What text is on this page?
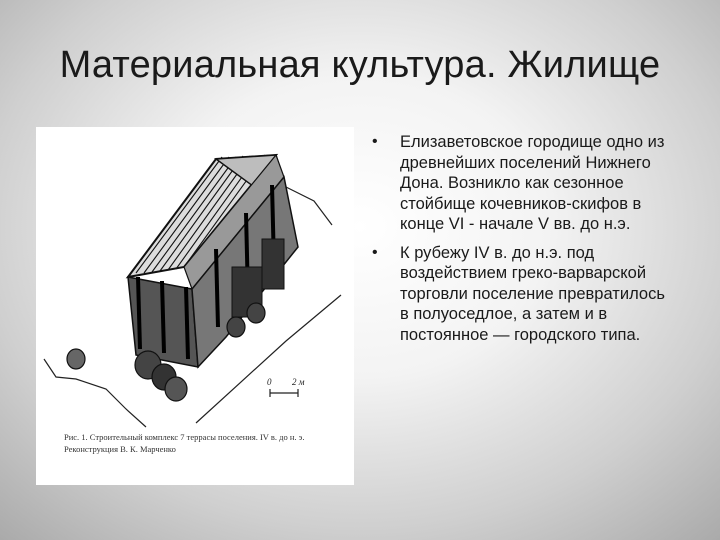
Материальная культура. Жилище
0 2 м

Рис. 1. Строительный комплекс 7 террасы поселения. IV в. до н. э. Реконструкция В. К. Марченко

• Елизаветовское городище одно из древнейших поселений Нижнего Дона. Возникло как сезонное стойбище кочевников-скифов в конце VI - начале V вв. до н.э.
• К рубежу IV в. до н.э. под воздействием греко-варварской торговли поселение превратилось в полуоседлое, а затем и в постоянное — городского типа.
